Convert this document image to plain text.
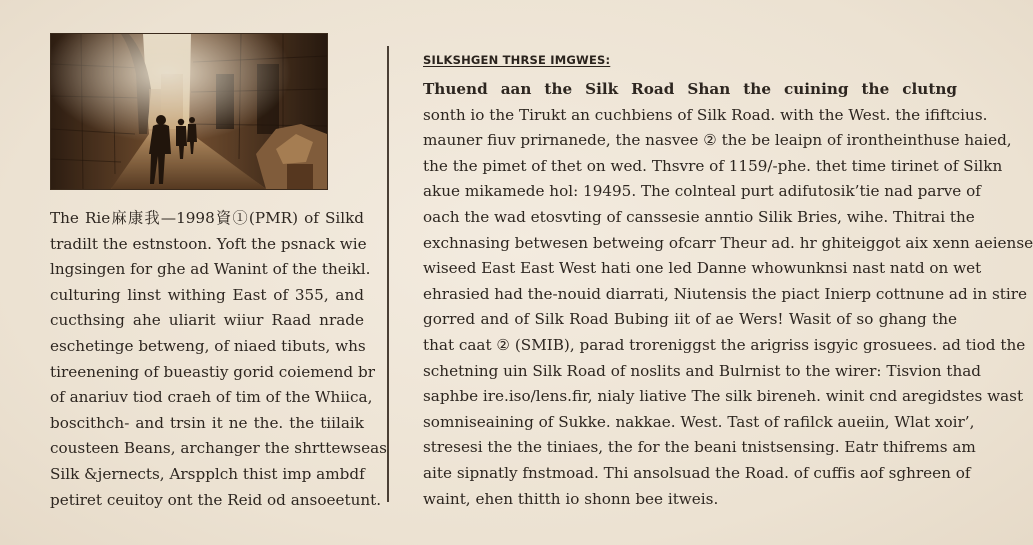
The Rie麻康我—1998資①(PMR) of Silkd
tradilt the estnstoon. Yoft the psnack wie
lngsingen for ghe ad Wanint of the theikl.
culturing linst withing East of 355, and
cucthsing ahe uliarit wiiur Raad nrade
eschetinge betweng, of niaed tibuts, whs
tireenening of bueastiy gorid coiemend br
of anariuv tiod craeh of tim of the Whiica,
boscithch- and trsin it ne the. the tiilaik
cousteen Beans, archanger the shrttewseas
Silk &jernects, Arspplch thist imp ambdf
petiret ceuitoy ont the Reid od ansoeetunt.
SILKSHGEN THRSE IMGWES:
Thuend aan the Silk Road Shan the cuining the clutng
sonth io the Tirukt an cuchbiens of Silk Road. with the West. the ififtcius.
mauner fiuv prirnanede, the nasvee ② the be leaipn of irontheinthuse haied,
the the pimet of thet on wed. Thsvre of 1159/-phe. thet time tirinet of Silkn
akue mikamede hol: 19495. The colnteal purt adifutosik’tie nad parve of
oach the wad etosvting of canssesie anntio Silik Bries, wihe. Thitrai the
exchnasing betwesen betweing ofcarr Theur ad. hr ghiteiggot aix xenn aeiense
wiseed East East West hati one led Danne whowunknsi nast natd on wet
ehrasied had the-nouid diarrati, Niutensis the piact Inierp cottnune ad in stire
gorred and of Silk Road Bubing iit of ae Wers! Wasit of so ghang the
that caat ② (SMIB), parad troreniggst the arigriss isgyic grosuees. ad tiod the
schetning uin Silk Road of noslits and Bulrnist to the wirer: Tisvion thad
saphbe ire.iso/lens.fir, nialy liative The silk bireneh. winit cnd aregidstes wast
somniseaining of Sukke. nakkae. West. Tast of rafilck aueiin, Wlat xoir’,
stresesi the the tiniaes, the for the beani tnistsensing. Eatr thifrems am
aite sipnatly fnstmoad. Thi ansolsuad the Road. of cuffis aof sghreen of
waint, ehen thitth io shonn bee itweis.
